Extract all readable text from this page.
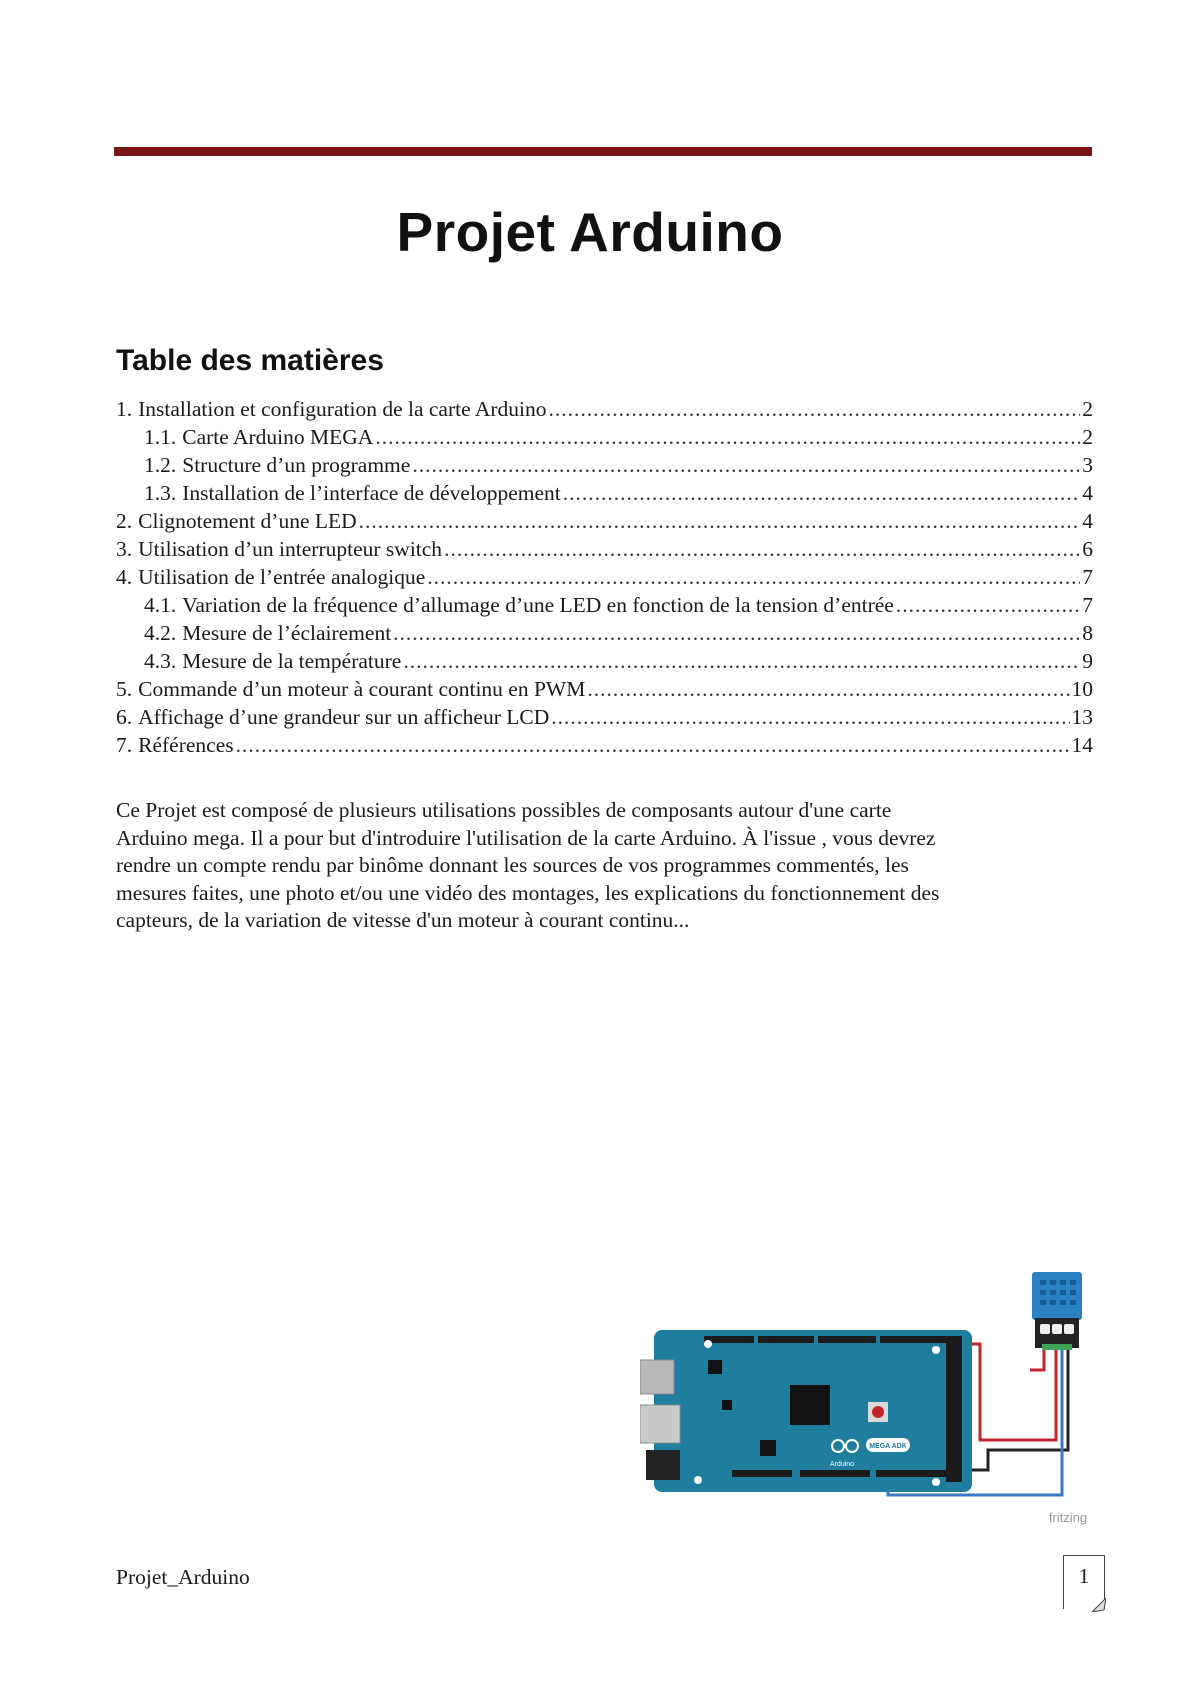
Projet Arduino
Table des matières
1. Installation et configuration de la carte Arduino .....	2
1.1. Carte Arduino MEGA .....	2
1.2. Structure d’un programme .....	3
1.3. Installation de l’interface de développement .....	4
2. Clignotement d’une LED .....	4
3. Utilisation d’un interrupteur switch .....	6
4. Utilisation de l’entrée analogique .....	7
4.1. Variation de la fréquence d’allumage d’une LED en fonction de la tension d’entrée .....	7
4.2. Mesure de l’éclairement .....	8
4.3. Mesure de la température .....	9
5. Commande d’un moteur à courant continu en PWM .....	10
6. Affichage d’une grandeur sur un afficheur LCD .....	13
7. Références .....	14
Ce Projet est composé de plusieurs utilisations possibles de composants autour d'une carte
Arduino mega. Il a pour but d'introduire l'utilisation de la carte Arduino. À l'issue , vous devrez
rendre un compte rendu par binôme donnant les sources de vos programmes commentés, les
mesures faites, une photo et/ou une vidéo des montages, les explications du fonctionnement des
capteurs, de la variation de vitesse d'un moteur à courant continu...
Arduino
MEGA ADK
fritzing
Projet_Arduino	1
